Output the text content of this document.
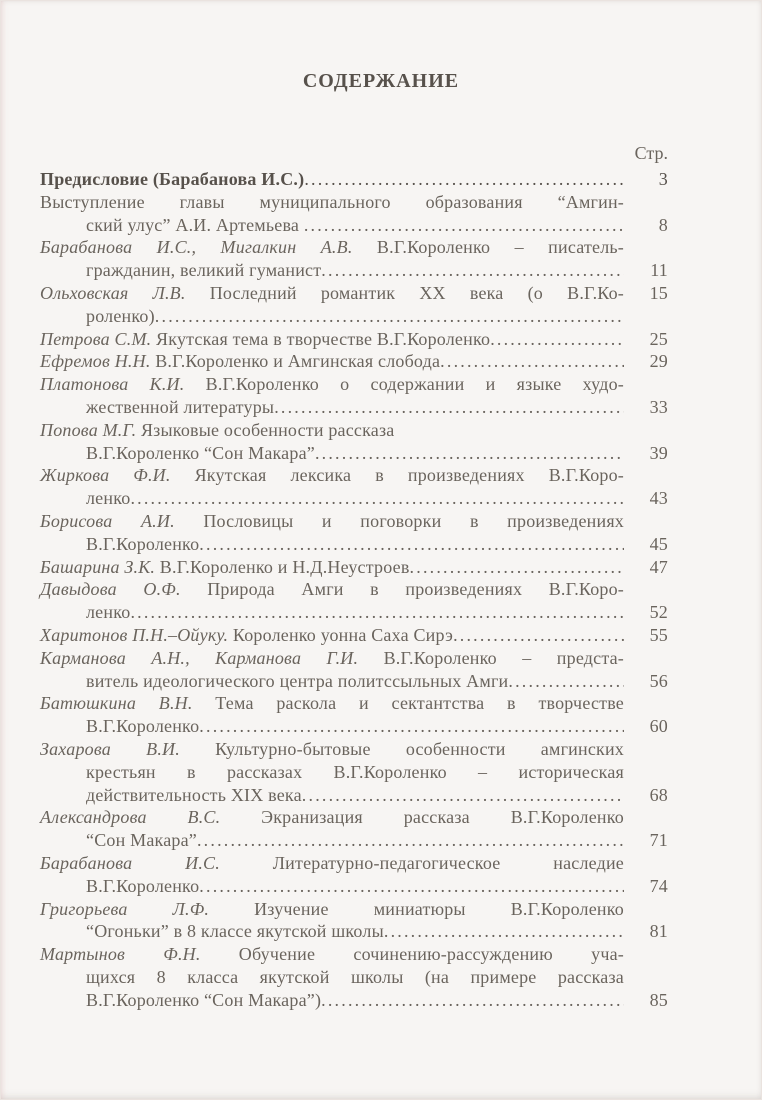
СОДЕРЖАНИЕ
Стр.
Предисловие (Барабанова И.С.) .....	3
Выступление главы муниципального образования “Амгин-
ский улус” А.И. Артемьева .....	8
Барабанова И.С., Мигалкин А.В. В.Г.Короленко – писатель-
гражданин, великий гуманист .....	11
Ольховская Л.В. Последний романтик XX века (о В.Г.Ко-	15
роленко)
.....
Петрова С.М. Якутская тема в творчестве В.Г.Короленко .....	25
Ефремов Н.Н. В.Г.Короленко и Амгинская слобода .....	29
Платонова К.И. В.Г.Короленко о содержании и языке худо-
жественной литературы .....	33
Попова М.Г. Языковые особенности рассказа
В.Г.Короленко “Сон Макара” .....	39
Жиркова Ф.И. Якутская лексика в произведениях В.Г.Коро-
ленко .....	43
Борисова А.И. Пословицы и поговорки в произведениях
В.Г.Короленко .....	45
Башарина З.К. В.Г.Короленко и Н.Д.Неустроев .....	47
Давыдова О.Ф. Природа Амги в произведениях В.Г.Коро-
ленко .....	52
Харитонов П.Н.–Ойуку. Короленко уонна Саха Сирэ .....	55
Карманова А.Н., Карманова Г.И. В.Г.Короленко – предста-
витель идеологического центра политссыльных Амги .....	56
Батюшкина В.Н. Тема раскола и сектантства в творчестве
В.Г.Короленко .....	60
Захарова В.И. Культурно-бытовые особенности амгинских
крестьян в рассказах В.Г.Короленко – историческая
действительность XIX века .....	68
Александрова В.С. Экранизация рассказа В.Г.Короленко
“Сон Макара” .....	71
Барабанова И.С. Литературно-педагогическое наследие
В.Г.Короленко .....	74
Григорьева Л.Ф. Изучение миниатюры В.Г.Короленко
“Огоньки” в 8 классе якутской школы .....	81
Мартынов Ф.Н. Обучение сочинению-рассуждению уча-
щихся 8 класса якутской школы (на примере рассказа
В.Г.Короленко “Сон Макара”) .....	85
